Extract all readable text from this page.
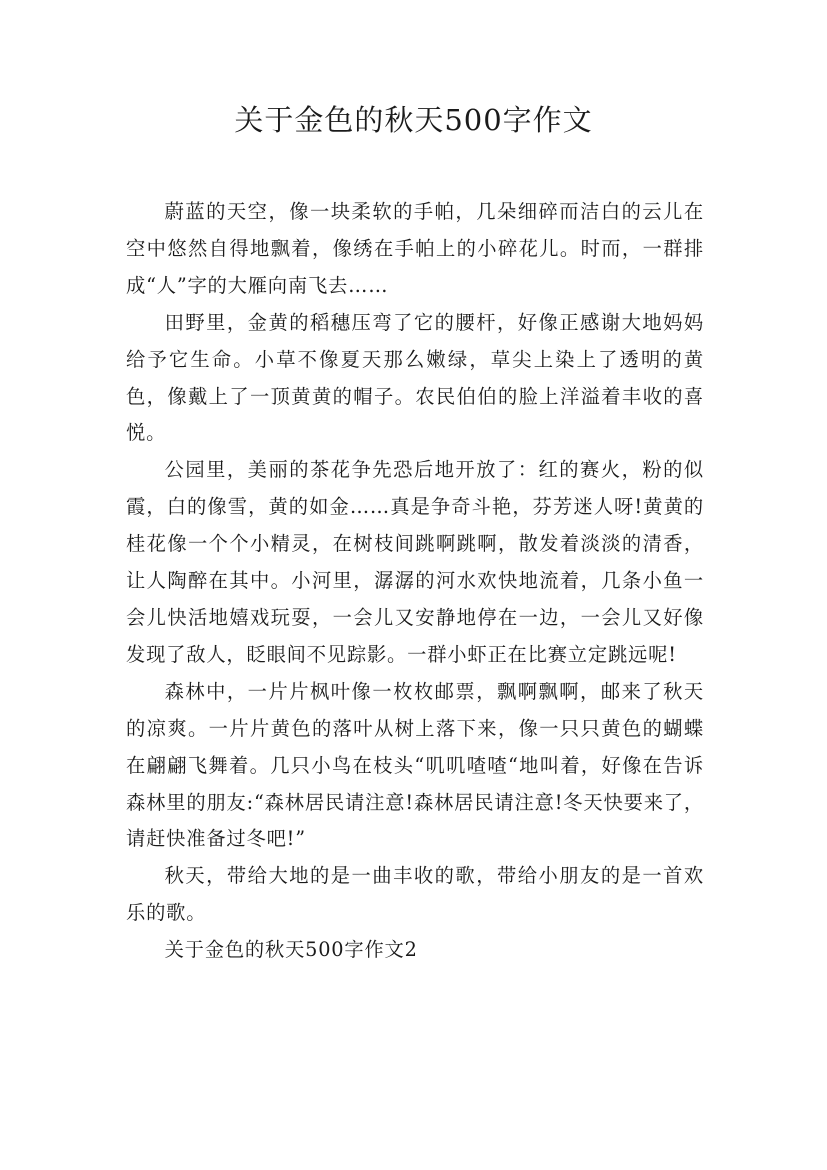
关于金色的秋天500字作文

蔚蓝的天空，像一块柔软的手帕，几朵细碎而洁白的云儿在空中悠然自得地飘着，像绣在手帕上的小碎花儿。时而，一群排成“人”字的大雁向南飞去……

田野里，金黄的稻穗压弯了它的腰杆，好像正感谢大地妈妈给予它生命。小草不像夏天那么嫩绿，草尖上染上了透明的黄色，像戴上了一顶黄黄的帽子。农民伯伯的脸上洋溢着丰收的喜悦。

公园里，美丽的茶花争先恐后地开放了：红的赛火，粉的似霞，白的像雪，黄的如金……真是争奇斗艳，芬芳迷人呀!黄黄的桂花像一个个小精灵，在树枝间跳啊跳啊，散发着淡淡的清香，让人陶醉在其中。小河里，潺潺的河水欢快地流着，几条小鱼一会儿快活地嬉戏玩耍，一会儿又安静地停在一边，一会儿又好像发现了敌人，眨眼间不见踪影。一群小虾正在比赛立定跳远呢!

森林中，一片片枫叶像一枚枚邮票，飘啊飘啊，邮来了秋天的凉爽。一片片黄色的落叶从树上落下来，像一只只黄色的蝴蝶在翩翩飞舞着。几只小鸟在枝头“叽叽喳喳“地叫着，好像在告诉森林里的朋友:“森林居民请注意!森林居民请注意!冬天快要来了，请赶快准备过冬吧!”

秋天，带给大地的是一曲丰收的歌，带给小朋友的是一首欢乐的歌。

关于金色的秋天500字作文2
